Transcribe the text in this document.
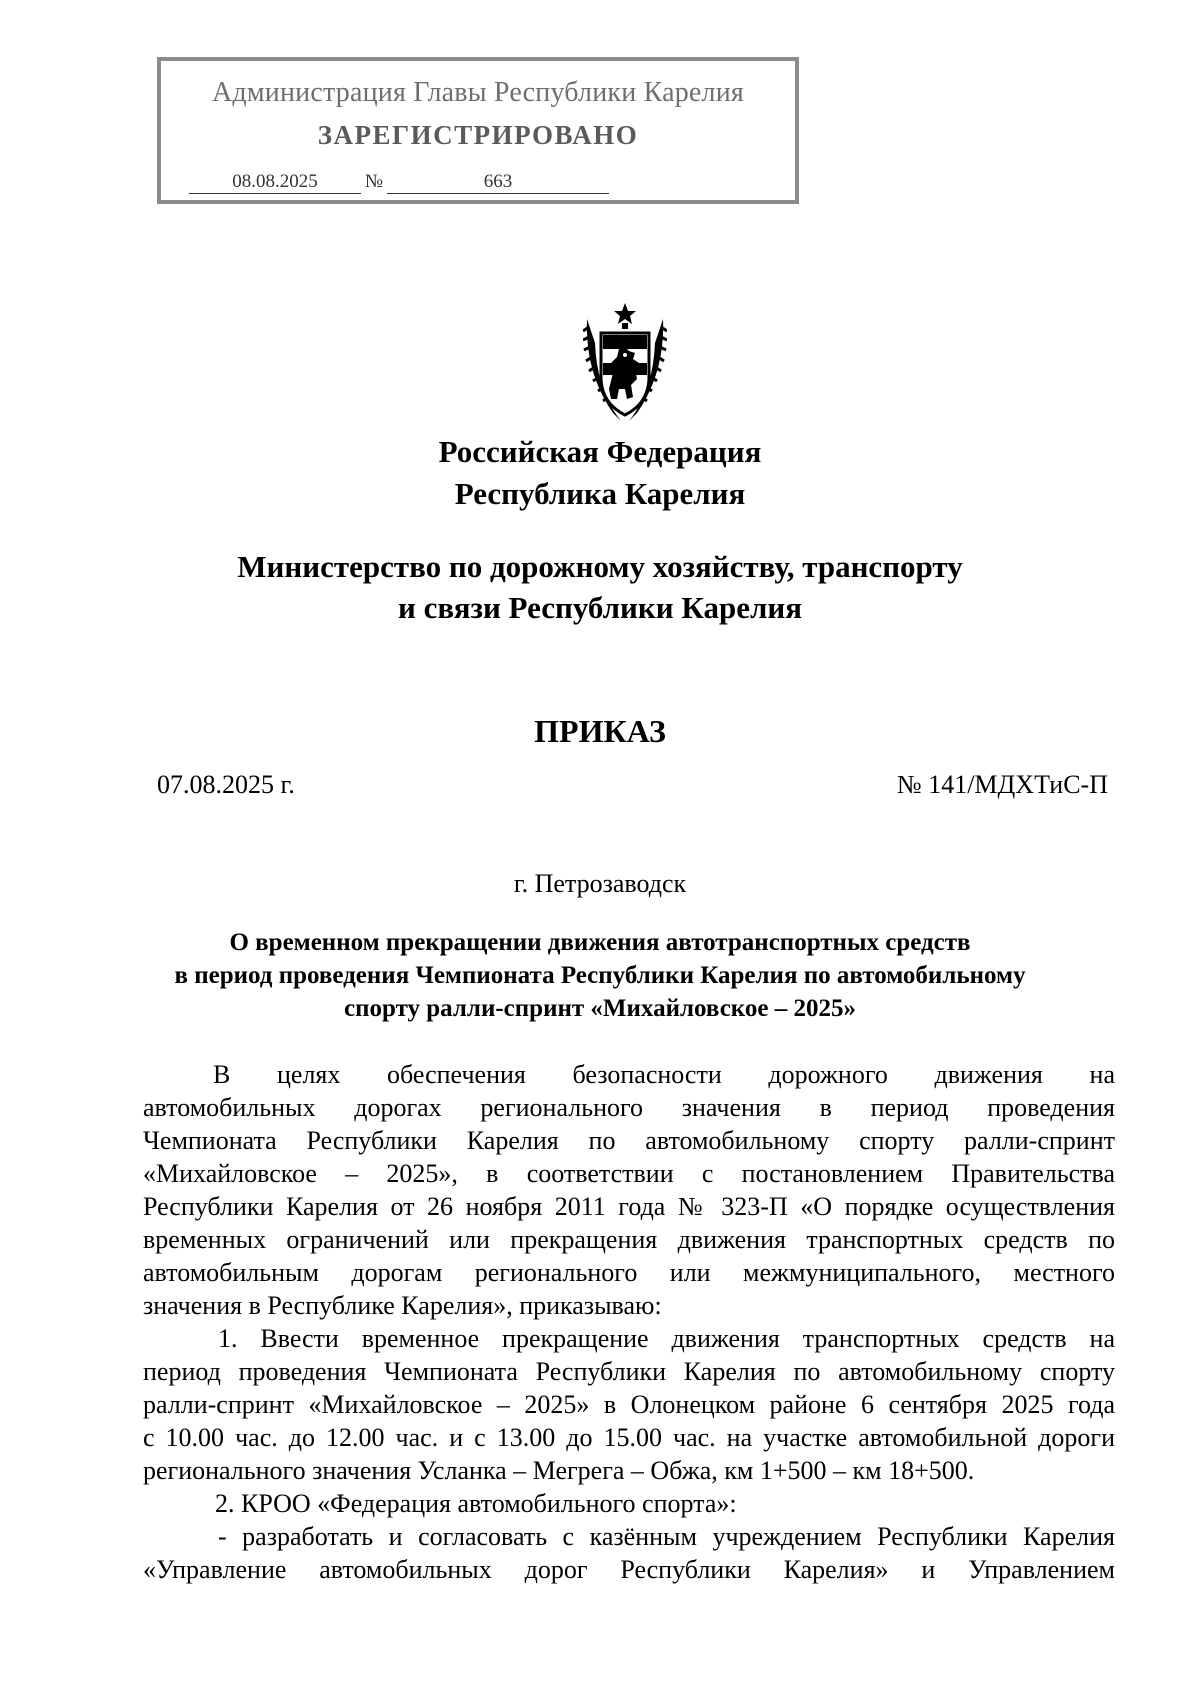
Администрация Главы Республики Карелия
ЗАРЕГИСТРИРОВАНО
08.08.2025 №	663
Российская Федерация
Республика Карелия
Министерство по дорожному хозяйству, транспорту
и связи Республики Карелия
ПРИКАЗ
07.08.2025 г.	№ 141/МДХТиС-П
г. Петрозаводск
О временном прекращении движения автотранспортных средств
в период проведения Чемпионата Республики Карелия по автомобильному
спорту ралли-спринт «Михайловское – 2025»
В целях обеспечения безопасности дорожного движения на
автомобильных дорогах регионального значения в период проведения
Чемпионата Республики Карелия по автомобильному спорту ралли-спринт
«Михайловское – 2025», в соответствии с постановлением Правительства
Республики Карелия от 26 ноября 2011 года № 323-П «О порядке осуществления
временных ограничений или прекращения движения транспортных средств по
автомобильным дорогам регионального или межмуниципального, местного
значения в Республике Карелия», приказываю:
1. Ввести временное прекращение движения транспортных средств на
период проведения Чемпионата Республики Карелия по автомобильному спорту
ралли-спринт «Михайловское – 2025» в Олонецком районе 6 сентября 2025 года
с 10.00 час. до 12.00 час. и с 13.00 до 15.00 час. на участке автомобильной дороги
регионального значения Усланка – Мегрега – Обжа, км 1+500 – км 18+500.
2. КРОО «Федерация автомобильного спорта»:
- разработать и согласовать с казённым учреждением Республики Карелия
«Управление автомобильных дорог Республики Карелия» и Управлением
